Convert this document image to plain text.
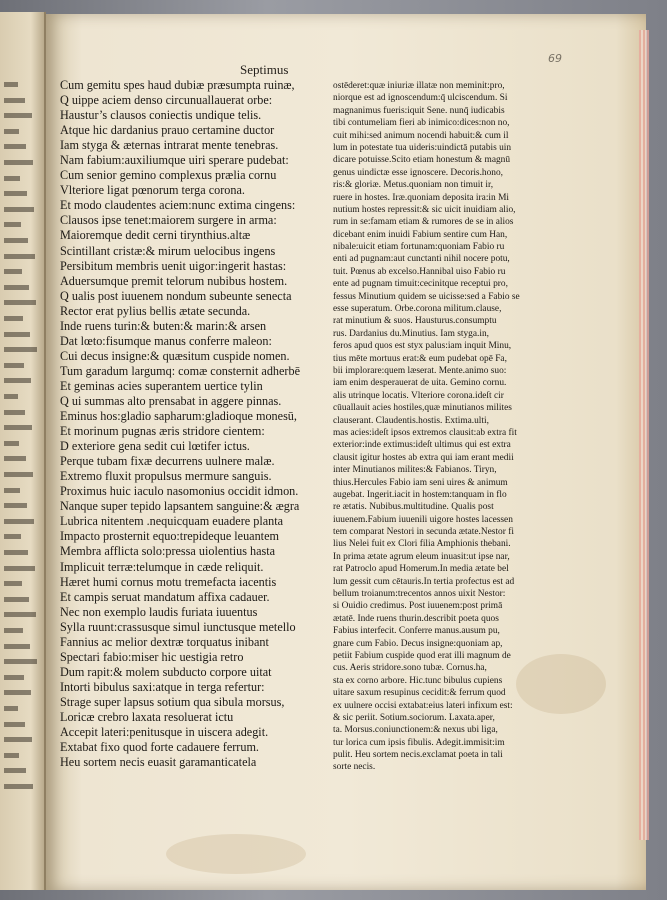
69
Septimus
Cum gemitu spes haud dubiæ præsumpta ruinæ,
Q uippe aciem denso circunuallauerat orbe:
Haustur’s clausos coniectis undique telis.
Atque hic dardanius prauo certamine ductor
Iam styga & æternas intrarat mente tenebras.
Nam fabium:auxiliumque uiri sperare pudebat:
Cum senior gemino complexus prælia cornu
Vlteriore ligat pœnorum terga corona.
Et modo claudentes aciem:nunc extima cingens:
Clausos ipse tenet:maiorem surgere in arma:
Maioremque dedit cerni tirynthius.altæ
Scintillant cristæ:& mirum uelocibus ingens
Persibitum membris uenit uigor:ingerit hastas:
Aduersumque premit telorum nubibus hostem.
Q ualis post iuuenem nondum subeunte senecta
Rector erat pylius bellis ætate secunda.
Inde ruens turin:& buten:& marin:& arsen
Dat lœto:fisumque manus conferre maleon:
Cui decus insigne:& quæsitum cuspide nomen.
Tum garadum largumq: comæ consternit adherbē
Et geminas acies superantem uertice tylin
Q ui summas alto prensabat in aggere pinnas.
Eminus hos:gladio sapharum:gladioque monesū,
Et morinum pugnas æris stridore cientem:
D exteriore gena sedit cui lœtifer ictus.
Perque tubam fixæ decurrens uulnere malæ.
Extremo fluxit propulsus mermure sanguis.
Proximus huic iaculo nasomonius occidit idmon.
Nanque super tepido lapsantem sanguine:& ægra
Lubrica nitentem .nequicquam euadere planta
Impacto prosternit equo:trepideque leuantem
Membra afflicta solo:pressa uiolentius hasta
Implicuit terræ:telumque in cæde reliquit.
Hæret humi cornus motu tremefacta iacentis
Et campis seruat mandatum affixa cadauer.
Nec non exemplo laudis furiata iuuentus
Sylla ruunt:crassusque simul iunctusque metello
Fannius ac melior dextræ torquatus inibant
Spectari fabio:miser hic uestigia retro
Dum rapit:& molem subducto corpore uitat
Intorti bibulus saxi:atque in terga refertur:
Strage super lapsus sotium qua sibula morsus,
Loricæ crebro laxata resoluerat ictu
Accepit lateri:penitusque in uiscera adegit.
Extabat fixo quod forte cadauere ferrum.
Heu sortem necis euasit garamanticatela
ostēderet:quæ iniuriæ illatæ non meminit:pro,
niorque est ad ignoscendum:q̄ ulciscendum. Si
magnanimus fueris:iquit Sene. nunq̄ iudicabis
tibi contumeliam fieri ab inimico:dices:non no,
cuit mihi:sed animum nocendi habuit:& cum il
lum in potestate tua uideris:uindictā putabis uin
dicare potuisse.Scito etiam honestum & magnū
genus uindictæ esse ignoscere. Decoris.hono,
ris:& gloriæ. Metus.quoniam non timuit ir,
ruere in hostes. Iræ.quoniam deposita ira:in Mi
nutium hostes repressit:& sic uicit inuidiam alio,
rum in se:famam etiam & rumores de se in alios
dicebant enim inuidi Fabium sentire cum Han,
nibale:uicit etiam fortunam:quoniam Fabio ru
enti ad pugnam:aut cunctanti nihil nocere potu,
tuit. Pœnus ab excelso.Hannibal uiso Fabio ru
ente ad pugnam timuit:cecinitque receptui pro,
fessus Minutium quidem se uicisse:sed a Fabio se
esse superatum. Orbe.corona militum.clause,
rat minutium & suos. Hausturus.consumptu
rus. Dardanius du.Minutius. Iam styga.in,
feros apud quos est styx palus:iam inquit Minu,
tius mēte mortuus erat:& eum pudebat opē Fa,
bii implorare:quem læserat. Mente.animo suo:
iam enim desperauerat de uita. Gemino cornu.
alis utrinque locatis. Vlteriore corona.ideſt cir
cūuallauit acies hostiles,quæ minutianos milites
clauserant. Claudentis.hostis. Extima.ulti,
mas acies:ideſt ipsos extremos clausit:ab extra fit
exterior:inde extimus:ideſt ultimus qui est extra
clausit igitur hostes ab extra qui iam erant medii
inter Minutianos milites:& Fabianos. Tiryn,
thius.Hercules Fabio iam seni uires & animum
augebat. Ingerit.iacit in hostem:tanquam in flo
re ætatis. Nubibus.multitudine. Qualis post
iuuenem.Fabium iuuenili uigore hostes lacessen
tem comparat Nestori in secunda ætate.Nestor fi
lius Nelei fuit ex Clori filia Amphionis thebani.
In prima ætate agrum eleum inuasit:ut ipse nar,
rat Patroclo apud Homerum.In media ætate bel
lum gessit cum cētauris.In tertia profectus est ad
bellum troianum:trecentos annos uixit Nestor:
si Ouidio credimus. Post iuuenem:post primā
ætatē. Inde ruens thurin.describit poeta quos
Fabius interfecit. Conferre manus.ausum pu,
gnare cum Fabio. Decus insigne:quoniam ap,
petiit Fabium cuspide quod erat illi magnum de
cus. Aeris stridore.sono tubæ. Cornus.ha,
sta ex corno arbore. Hic.tunc bibulus cupiens
uitare saxum resupinus cecidit:& ferrum quod
ex uulnere occisi extabat:eius lateri infixum est:
& sic periit. Sotium.sociorum. Laxata.aper,
ta. Morsus.coniunctionem:& nexus ubi liga,
tur lorica cum ipsis fibulis. Adegit.immisit:im
pulit. Heu sortem necis.exclamat poeta in tali
sorte necis.
